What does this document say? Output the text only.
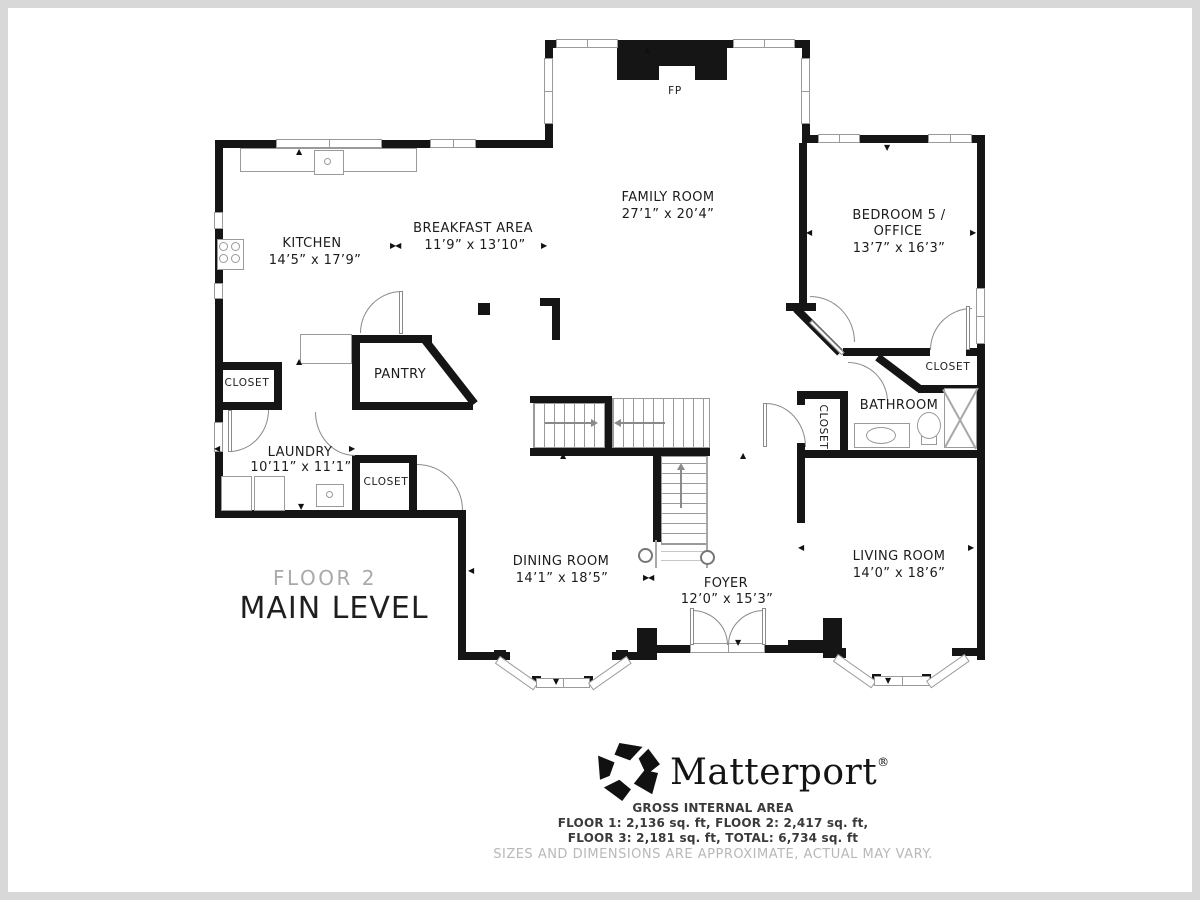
FP
FAMILY ROOM
27’1” x 20’4”
KITCHEN
14’5” x 17’9”
BREAKFAST AREA
11’9” x 13’10”
BEDROOM 5 /
OFFICE
13’7” x 16’3”
PANTRY
LAUNDRY
10’11” x 11’1”
DINING ROOM
14’1” x 18’5”	FOYER
12’0” x 15’3”
LIVING ROOM
14’0” x 18’6”
BATHROOM
CLOSET
CLOSET
CLOSET
CLOSET
FLOOR 2
MAIN LEVEL
▲
▲
▲
▲	▲
▼
▼
▼	▼
▼
◀
◀
◀
◀
▶
▶
▶
▶
▶◀
▶◀
Matterport®
GROSS INTERNAL AREA
FLOOR 1: 2,136 sq. ft, FLOOR 2: 2,417 sq. ft,
FLOOR 3: 2,181 sq. ft, TOTAL: 6,734 sq. ft
SIZES AND DIMENSIONS ARE APPROXIMATE, ACTUAL MAY VARY.
